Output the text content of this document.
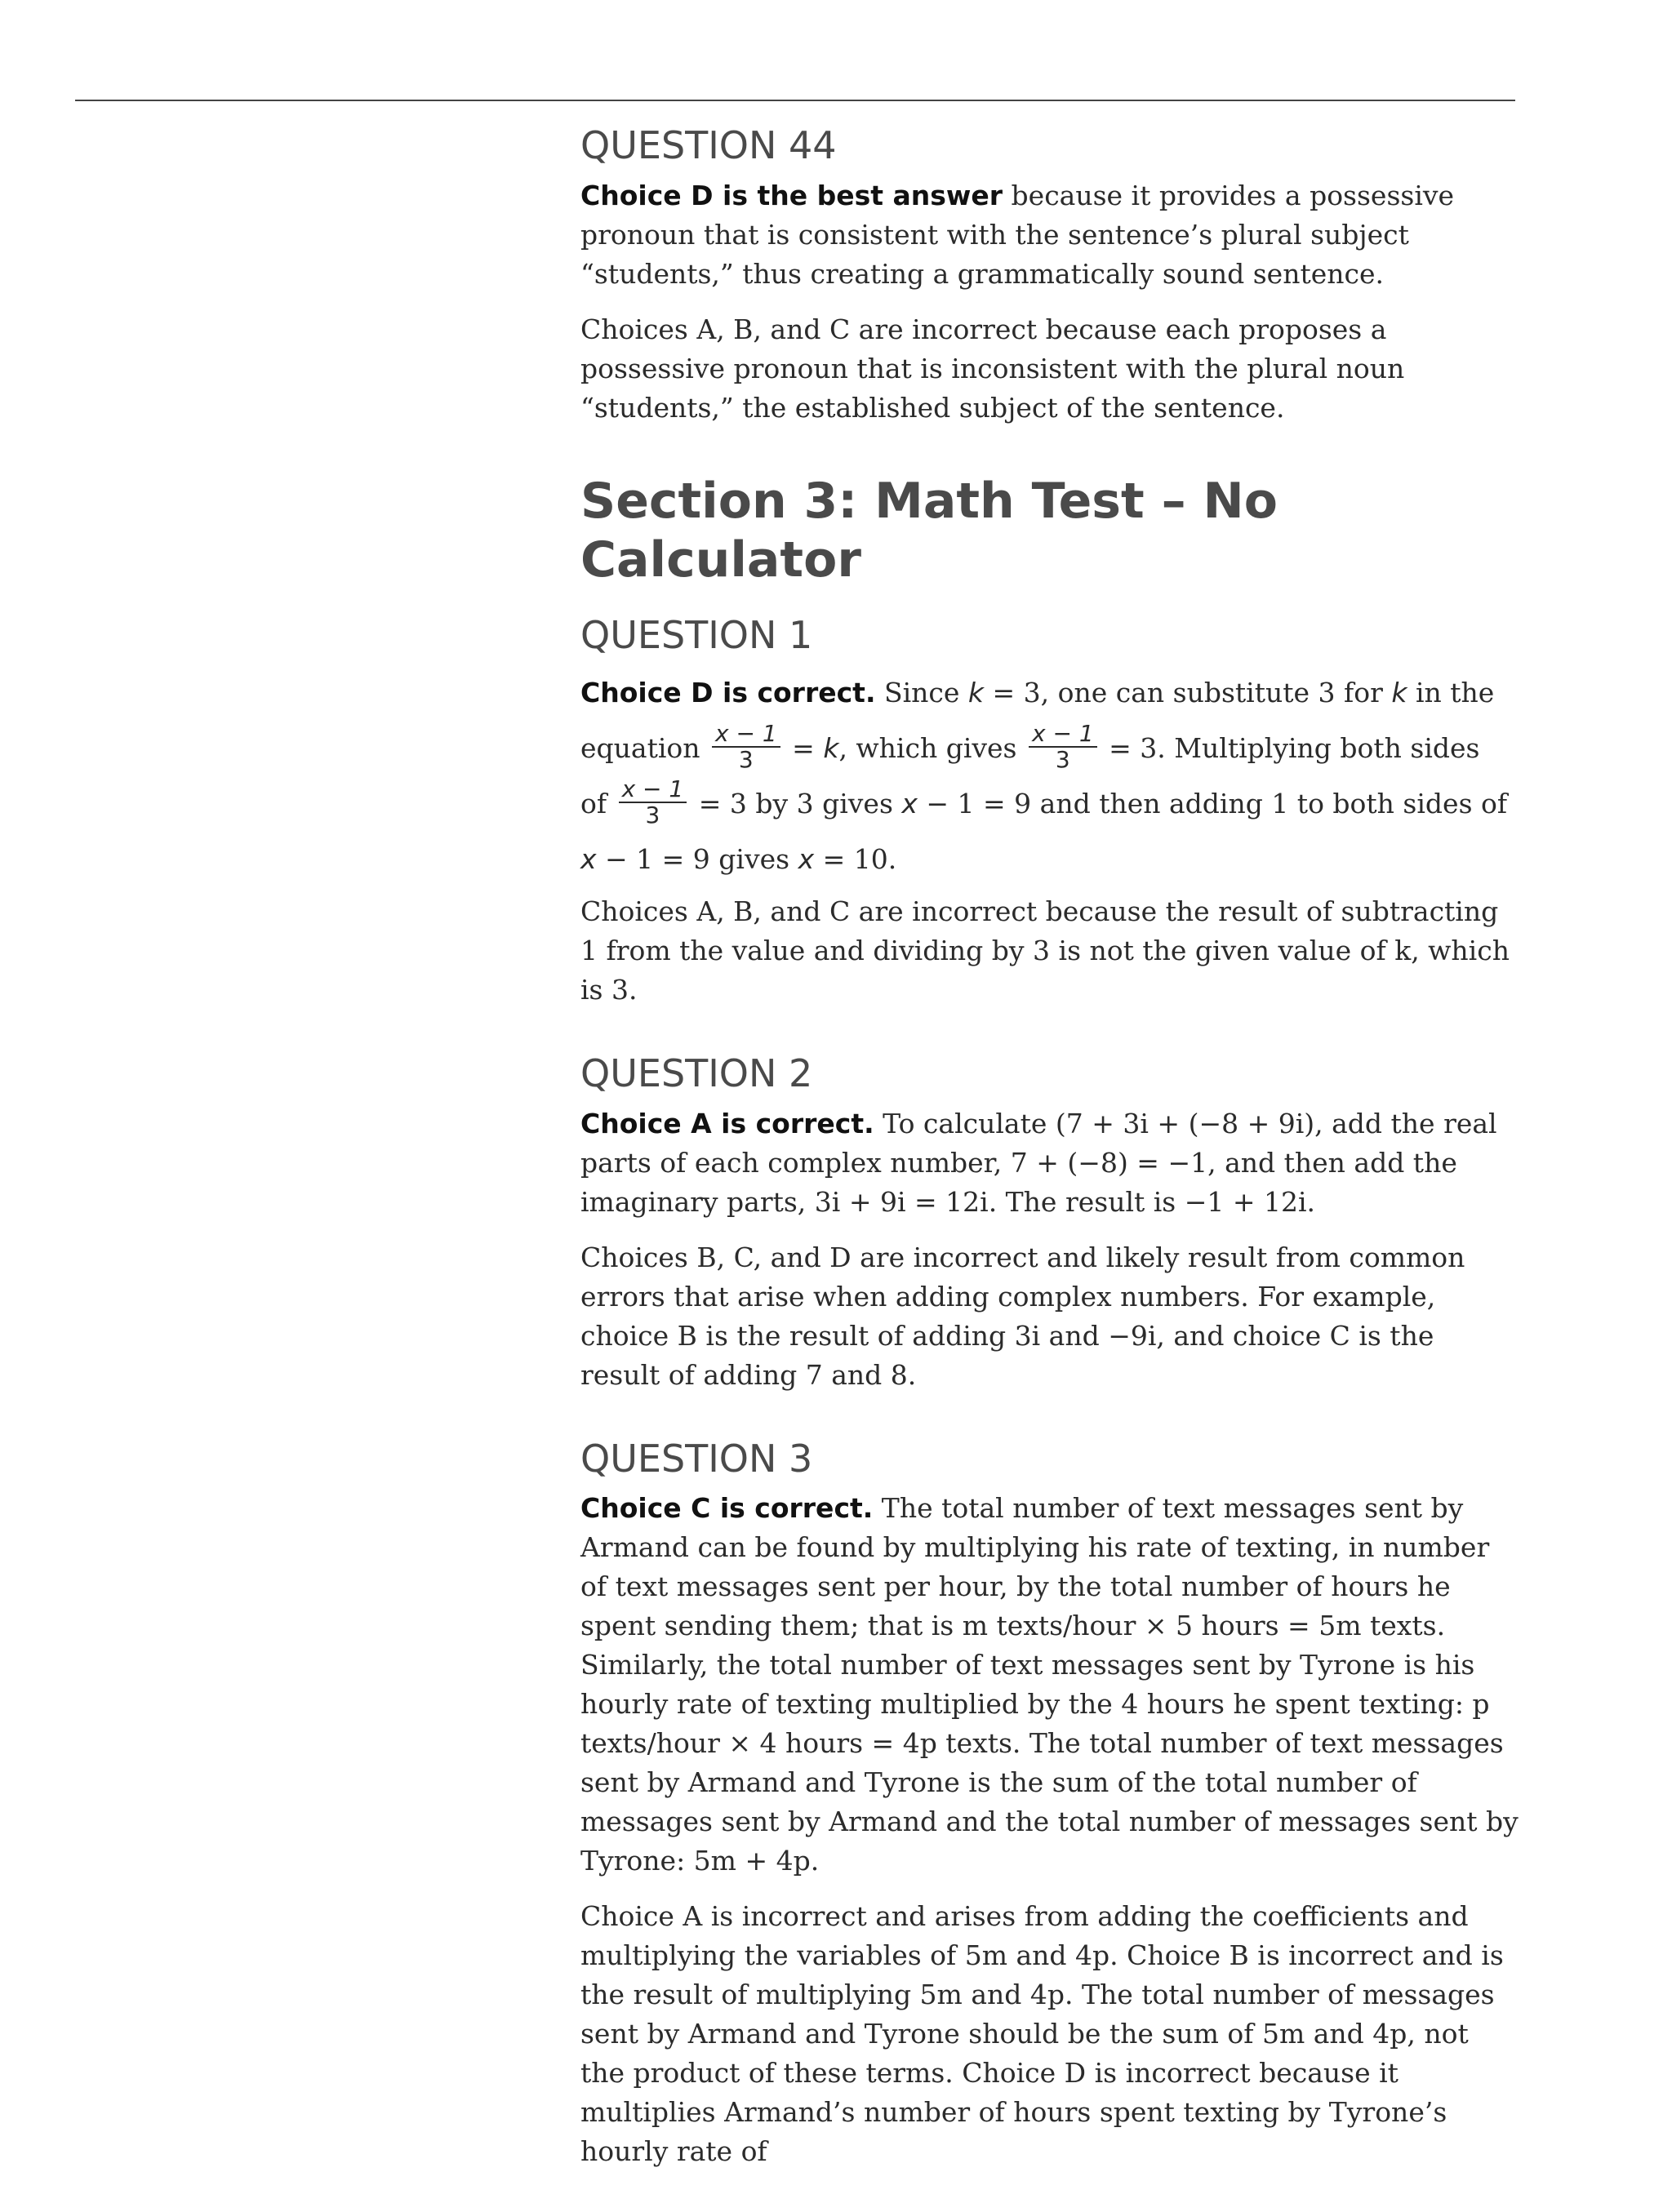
QUESTION 44

Choice D is the best answer because it provides a possessive pronoun that is consistent with the sentence’s plural subject “students,” thus creating a grammatically sound sentence.

Choices A, B, and C are incorrect because each proposes a possessive pronoun that is inconsistent with the plural noun “students,” the established subject of the sentence.

Section 3: Math Test – No Calculator
QUESTION 1

Choice D is correct. Since k = 3, one can substitute 3 for k in the
equation $\frac{x - 1}{3} = k$, which gives $\frac{x - 1}{3} = 3$. Multiplying both sides
of $\frac{x - 1}{3} = 3$ by 3 gives x − 1 = 9 and then adding 1 to both sides of
x − 1 = 9 gives x = 10.

Choices A, B, and C are incorrect because the result of subtracting 1 from the value and dividing by 3 is not the given value of k, which is 3.

QUESTION 2

Choice A is correct. To calculate (7 + 3i + (−8 + 9i), add the real parts of each complex number, 7 + (−8) = −1, and then add the imaginary parts, 3i + 9i = 12i. The result is −1 + 12i.

Choices B, C, and D are incorrect and likely result from common errors that arise when adding complex numbers. For example, choice B is the result of adding 3i and −9i, and choice C is the result of adding 7 and 8.

QUESTION 3

Choice C is correct. The total number of text messages sent by Armand can be found by multiplying his rate of texting, in number of text messages sent per hour, by the total number of hours he spent sending them; that is m texts/hour × 5 hours = 5m texts. Similarly, the total number of text messages sent by Tyrone is his hourly rate of texting multiplied by the 4 hours he spent texting: p texts/hour × 4 hours = 4p texts. The total number of text messages sent by Armand and Tyrone is the sum of the total number of messages sent by Armand and the total number of messages sent by Tyrone: 5m + 4p.

Choice A is incorrect and arises from adding the coefficients and multiplying the variables of 5m and 4p. Choice B is incorrect and is the result of multiplying 5m and 4p. The total number of messages sent by Armand and Tyrone should be the sum of 5m and 4p, not the product of these terms. Choice D is incorrect because it multiplies Armand’s number of hours spent texting by Tyrone’s hourly rate of
